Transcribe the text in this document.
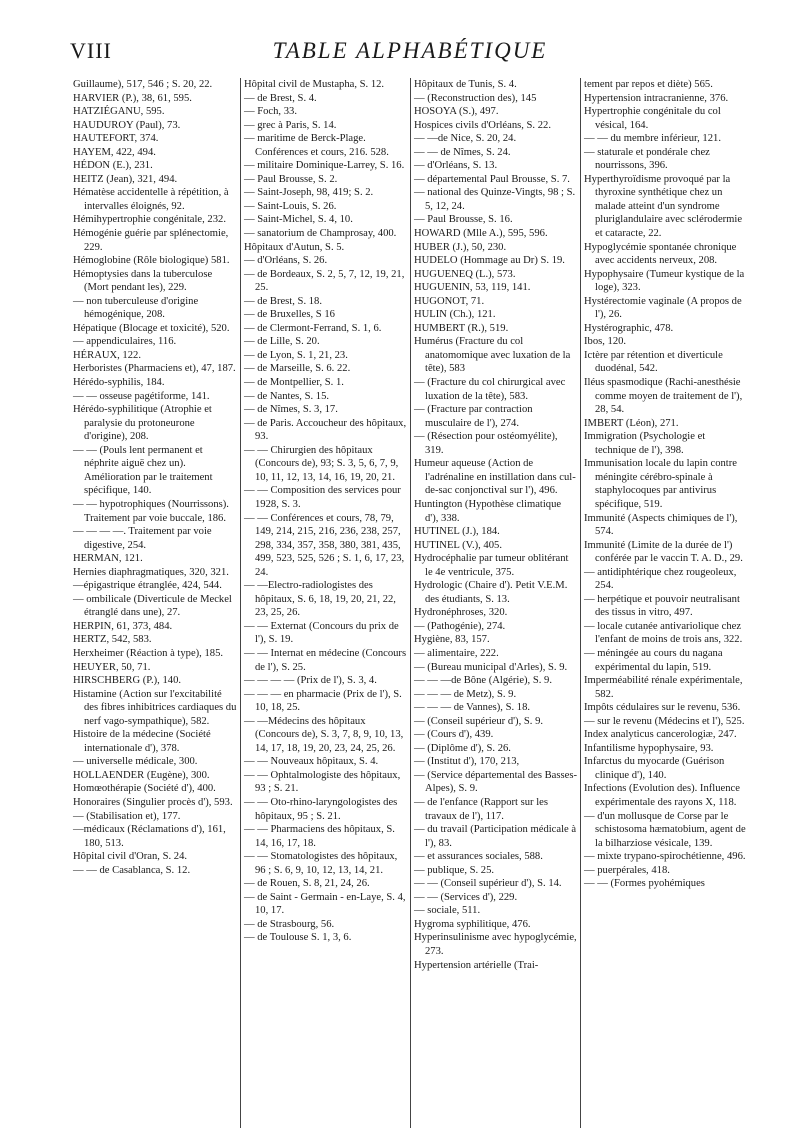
VIII	TABLE ALPHABÉTIQUE

Guillaume), 517, 546 ; S. 20, 22.

HARVIER (P.), 38, 61, 595.

HATZIÉGANU, 595.

HAUDUROY (Paul), 73.

HAUTEFORT, 374.

HAYEM, 422, 494.

HÉDON (E.), 231.

HEITZ (Jean), 321, 494.

Hématèse accidentelle à répétition, à intervalles éloignés, 92.

Hémihypertrophie congénitale, 232.

Hémogénie guérie par splénectomie, 229.

Hémoglobine (Rôle biologique) 581.

Hémoptysies dans la tuberculose (Mort pendant les), 229.

— non tuberculeuse d'origine hémogénique, 208.

Hépatique (Blocage et toxicité), 520.

— appendiculaires, 116.

HÉRAUX, 122.

Herboristes (Pharmaciens et), 47, 187.

Hérédo-syphilis, 184.

— — osseuse pagétiforme, 141.

Hérédo-syphilitique (Atrophie et paralysie du protoneurone d'origine), 208.

— — (Pouls lent permanent et néphrite aiguë chez un). Amélioration par le traitement spécifique, 140.

— — hypotrophiques (Nourrissons). Traitement par voie buccale, 186.

— — — —. Traitement par voie digestive, 254.

HERMAN, 121.

Hernies diaphragmatiques, 320, 321.

—épigastrique étranglée, 424, 544.

— ombilicale (Diverticule de Meckel étranglé dans une), 27.

HERPIN, 61, 373, 484.

HERTZ, 542, 583.

Herxheimer (Réaction à type), 185.

HEUYER, 50, 71.

HIRSCHBERG (P.), 140.

Histamine (Action sur l'excitabilité des fibres inhibitrices cardiaques du nerf vago-sympathique), 582.

Histoire de la médecine (Société internationale d'), 378.

— universelle médicale, 300.

HOLLAENDER (Eugène), 300.

Homœothérapie (Société d'), 400.

Honoraires (Singulier procès d'), 593.

— (Stabilisation et), 177.

—médicaux (Réclamations d'), 161, 180, 513.

Hôpital civil d'Oran, S. 24.

— — de Casablanca, S. 12.

Hôpital civil de Mustapha, S. 12.

— de Brest, S. 4.

— Foch, 33.

— grec à Paris, S. 14.

— maritime de Berck-Plage. Conférences et cours, 216. 528.

— militaire Dominique-Larrey, S. 16.

— Paul Brousse, S. 2.

— Saint-Joseph, 98, 419; S. 2.

— Saint-Louis, S. 26.

— Saint-Michel, S. 4, 10.

— sanatorium de Champrosay, 400.

Hôpitaux d'Autun, S. 5.

— d'Orléans, S. 26.

— de Bordeaux, S. 2, 5, 7, 12, 19, 21, 25.

— de Brest, S. 18.

— de Bruxelles, S 16

— de Clermont-Ferrand, S. 1, 6.

— de Lille, S. 20.

— de Lyon, S. 1, 21, 23.

— de Marseille, S. 6. 22.

— de Montpellier, S. 1.

— de Nantes, S. 15.

— de Nîmes, S. 3, 17.

— de Paris. Accoucheur des hôpitaux, 93.

— — Chirurgien des hôpitaux (Concours de), 93; S. 3, 5, 6, 7, 9, 10, 11, 12, 13, 14, 16, 19, 20, 21.

— — Composition des services pour 1928, S. 3.

— — Conférences et cours, 78, 79, 149, 214, 215, 216, 236, 238, 257, 298, 334, 357, 358, 380, 381, 435, 499, 523, 525, 526 ; S. 1, 6, 17, 23, 24.

— —Electro-radiologistes des hôpitaux, S. 6, 18, 19, 20, 21, 22, 23, 25, 26.

— — Externat (Concours du prix de l'), S. 19.

— — Internat en médecine (Concours de l'), S. 25.

— — — — (Prix de l'), S. 3, 4.

— — — en pharmacie (Prix de l'), S. 10, 18, 25.

— —Médecins des hôpitaux (Concours de), S. 3, 7, 8, 9, 10, 13, 14, 17, 18, 19, 20, 23, 24, 25, 26.

— — Nouveaux hôpitaux, S. 4.

— — Ophtalmologiste des hôpitaux, 93 ; S. 21.

— — Oto-rhino-laryngologistes des hôpitaux, 95 ; S. 21.

— — Pharmaciens des hôpitaux, S. 14, 16, 17, 18.

— — Stomatologistes des hôpitaux, 96 ; S. 6, 9, 10, 12, 13, 14, 21.

— de Rouen, S. 8, 21, 24, 26.

— de Saint - Germain - en-Laye, S. 4, 10, 17.

— de Strasbourg, 56.

— de Toulouse S. 1, 3, 6.

Hôpitaux de Tunis, S. 4.

— (Reconstruction des), 145

HOSOYA (S.), 497.

Hospices civils d'Orléans, S. 22.

— —de Nice, S. 20, 24.

— — de Nîmes, S. 24.

— d'Orléans, S. 13.

— départemental Paul Brousse, S. 7.

— national des Quinze-Vingts, 98 ; S. 5, 12, 24.

— Paul Brousse, S. 16.

HOWARD (Mlle A.), 595, 596.

HUBER (J.), 50, 230.

HUDELO (Hommage au Dr) S. 19.

HUGUENEQ (L.), 573.

HUGUENIN, 53, 119, 141.

HUGONOT, 71.

HULIN (Ch.), 121.

HUMBERT (R.), 519.

Humérus (Fracture du col anatomomique avec luxation de la tête), 583

— (Fracture du col chirurgical avec luxation de la tête), 583.

— (Fracture par contraction musculaire de l'), 274.

— (Résection pour ostéomyélite), 319.

Humeur aqueuse (Action de l'adrénaline en instillation dans cul-de-sac conjonctival sur l'), 496.

Huntington (Hypothèse climatique d'), 338.

HUTINEL (J.), 184.

HUTINEL (V.), 405.

Hydrocéphalie par tumeur oblitérant le 4e ventricule, 375.

Hydrologic (Chaire d'). Petit V.E.M. des étudiants, S. 13.

Hydronéphroses, 320.

— (Pathogénie), 274.

Hygiène, 83, 157.

— alimentaire, 222.

— (Bureau municipal d'Arles), S. 9.

— — —de Bône (Algérie), S. 9.

— — — de Metz), S. 9.

— — — de Vannes), S. 18.

— (Conseil supérieur d'), S. 9.

— (Cours d'), 439.

— (Diplôme d'), S. 26.

— (Institut d'), 170, 213,

— (Service départemental des Basses-Alpes), S. 9.

— de l'enfance (Rapport sur les travaux de l'), 117.

— du travail (Participation médicale à l'), 83.

— et assurances sociales, 588.

— publique, S. 25.

— — (Conseil supérieur d'), S. 14.

— — (Services d'), 229.

— sociale, 511.

Hygroma syphilitique, 476.

Hyperinsulinisme avec hypoglycémie, 273.

Hypertension artérielle (Trai-

tement par repos et diète) 565.

Hypertension intracranienne, 376.

Hypertrophie congénitale du col vésical, 164.

— — du membre inférieur, 121.

— staturale et pondérale chez nourrissons, 396.

Hyperthyroïdisme provoqué par la thyroxine synthétique chez un malade atteint d'un syndrome pluriglandulaire avec sclérodermie et cataracte, 22.

Hypoglycémie spontanée chronique avec accidents nerveux, 208.

Hypophysaire (Tumeur kystique de la loge), 323.

Hystérectomie vaginale (A propos de l'), 26.

Hystérographic, 478.

Ibos, 120.

Ictère par rétention et diverticule duodénal, 542.

Iléus spasmodique (Rachi-anesthésie comme moyen de traitement de l'), 28, 54.

IMBERT (Léon), 271.

Immigration (Psychologie et technique de l'), 398.

Immunisation locale du lapin contre méningite cérébro-spinale à staphylocoques par antivirus spécifique, 519.

Immunité (Aspects chimiques de l'), 574.

Immunité (Limite de la durée de l') conférée par le vaccin T. A. D., 29.

— antidiphtérique chez rougeoleux, 254.

— herpétique et pouvoir neutralisant des tissus in vitro, 497.

— locale cutanée antivariolique chez l'enfant de moins de trois ans, 322.

— méningée au cours du nagana expérimental du lapin, 519.

Imperméabilité rénale expérimentale, 582.

Impôts cédulaires sur le revenu, 536.

— sur le revenu (Médecins et l'), 525.

Index analyticus cancerologiæ, 247.

Infantilisme hypophysaire, 93.

Infarctus du myocarde (Guérison clinique d'), 140.

Infections (Evolution des). Influence expérimentale des rayons X, 118.

— d'un mollusque de Corse par le schistosoma hæmatobium, agent de la bilharziose vésicale, 139.

— mixte trypano-spirochétienne, 496.

— puerpérales, 418.

— — (Formes pyohémiques
